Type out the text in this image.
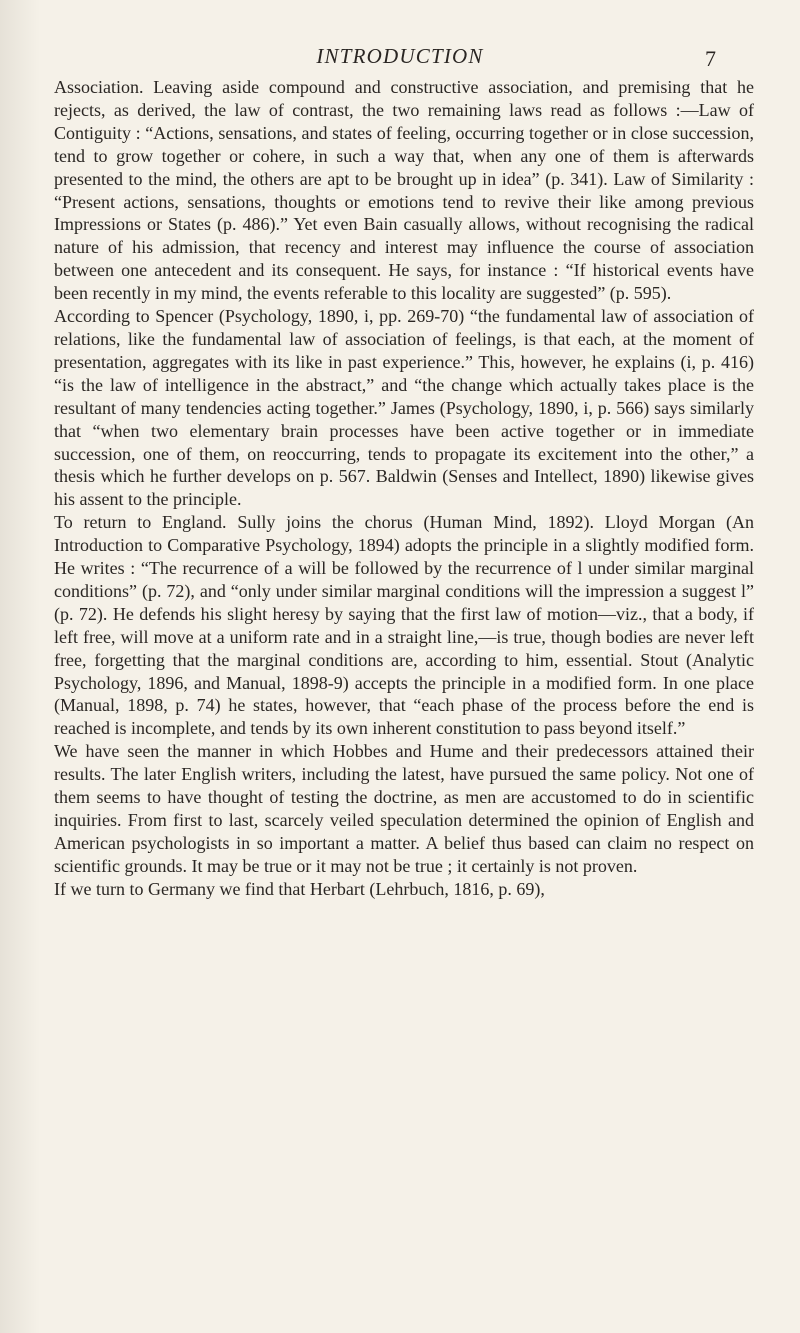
INTRODUCTION	7

Association. Leaving aside compound and constructive association, and premising that he rejects, as derived, the law of contrast, the two remaining laws read as follows :—Law of Contiguity : “Actions, sensations, and states of feeling, occurring together or in close succession, tend to grow together or cohere, in such a way that, when any one of them is afterwards presented to the mind, the others are apt to be brought up in idea” (p. 341). Law of Similarity : “Present actions, sensations, thoughts or emotions tend to revive their like among previous Impressions or States (p. 486).” Yet even Bain casually allows, without recognising the radical nature of his admission, that recency and interest may influence the course of association between one antecedent and its consequent. He says, for instance : “If historical events have been recently in my mind, the events referable to this locality are suggested” (p. 595).

According to Spencer (Psychology, 1890, i, pp. 269-70) “the fundamental law of association of relations, like the fundamental law of association of feelings, is that each, at the moment of presentation, aggregates with its like in past experience.” This, however, he explains (i, p. 416) “is the law of intelligence in the abstract,” and “the change which actually takes place is the resultant of many tendencies acting together.” James (Psychology, 1890, i, p. 566) says similarly that “when two elementary brain processes have been active together or in immediate succession, one of them, on reoccurring, tends to propagate its excitement into the other,” a thesis which he further develops on p. 567. Baldwin (Senses and Intellect, 1890) likewise gives his assent to the principle.

To return to England. Sully joins the chorus (Human Mind, 1892). Lloyd Morgan (An Introduction to Comparative Psychology, 1894) adopts the principle in a slightly modified form. He writes : “The recurrence of a will be followed by the recurrence of l under similar marginal conditions” (p. 72), and “only under similar marginal conditions will the impression a suggest l” (p. 72). He defends his slight heresy by saying that the first law of motion—viz., that a body, if left free, will move at a uniform rate and in a straight line,—is true, though bodies are never left free, forgetting that the marginal conditions are, according to him, essential. Stout (Analytic Psychology, 1896, and Manual, 1898-9) accepts the principle in a modified form. In one place (Manual, 1898, p. 74) he states, however, that “each phase of the process before the end is reached is incomplete, and tends by its own inherent constitution to pass beyond itself.”

We have seen the manner in which Hobbes and Hume and their predecessors attained their results. The later English writers, including the latest, have pursued the same policy. Not one of them seems to have thought of testing the doctrine, as men are accustomed to do in scientific inquiries. From first to last, scarcely veiled speculation determined the opinion of English and American psychologists in so important a matter. A belief thus based can claim no respect on scientific grounds. It may be true or it may not be true ; it certainly is not proven.

If we turn to Germany we find that Herbart (Lehrbuch, 1816, p. 69),
